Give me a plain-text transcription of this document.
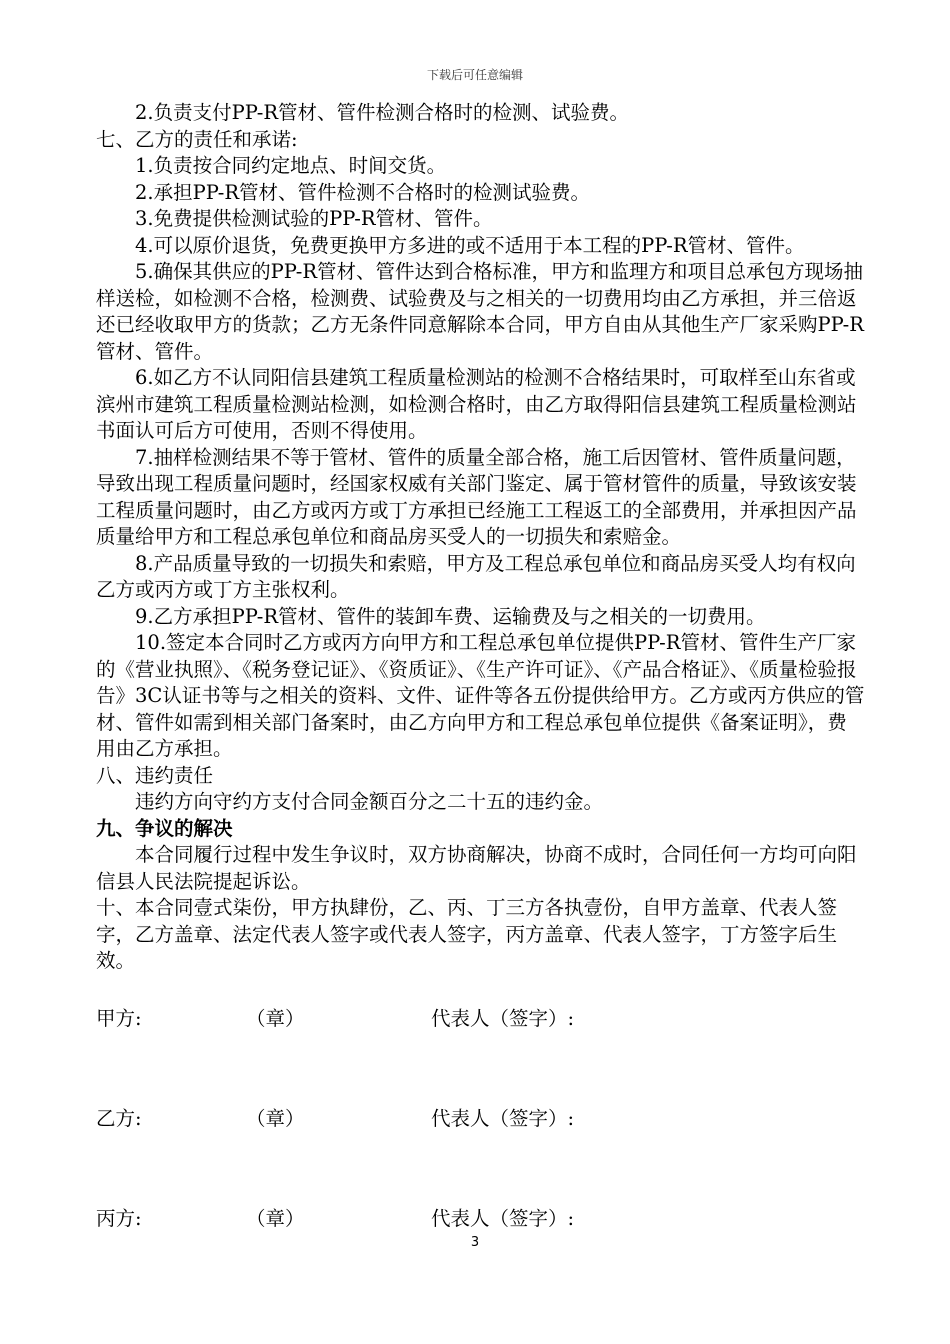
下载后可任意编辑

2.负责支付PP-R管材、管件检测合格时的检测、试验费。

七、乙方的责任和承诺:

1.负责按合同约定地点、时间交货。

2.承担PP-R管材、管件检测不合格时的检测试验费。

3.免费提供检测试验的PP-R管材、管件。

4.可以原价退货，免费更换甲方多进的或不适用于本工程的PP-R管材、管件。

5.确保其供应的PP-R管材、管件达到合格标准，甲方和监理方和项目总承包方现场抽样送检，如检测不合格，检测费、试验费及与之相关的一切费用均由乙方承担，并三倍返还已经收取甲方的货款；乙方无条件同意解除本合同，甲方自由从其他生产厂家采购PP-R管材、管件。

6.如乙方不认同阳信县建筑工程质量检测站的检测不合格结果时，可取样至山东省或滨州市建筑工程质量检测站检测，如检测合格时，由乙方取得阳信县建筑工程质量检测站书面认可后方可使用，否则不得使用。

7.抽样检测结果不等于管材、管件的质量全部合格，施工后因管材、管件质量问题，导致出现工程质量问题时，经国家权威有关部门鉴定、属于管材管件的质量，导致该安装工程质量问题时，由乙方或丙方或丁方承担已经施工工程返工的全部费用，并承担因产品质量给甲方和工程总承包单位和商品房买受人的一切损失和索赔金。

8.产品质量导致的一切损失和索赔，甲方及工程总承包单位和商品房买受人均有权向乙方或丙方或丁方主张权利。

9.乙方承担PP-R管材、管件的装卸车费、运输费及与之相关的一切费用。

10.签定本合同时乙方或丙方向甲方和工程总承包单位提供PP-R管材、管件生产厂家的《营业执照》、《税务登记证》、《资质证》、《生产许可证》、《产品合格证》、《质量检验报告》3C认证书等与之相关的资料、文件、证件等各五份提供给甲方。乙方或丙方供应的管材、管件如需到相关部门备案时，由乙方向甲方和工程总承包单位提供《备案证明》，费用由乙方承担。

八、违约责任

违约方向守约方支付合同金额百分之二十五的违约金。

九、争议的解决

本合同履行过程中发生争议时，双方协商解决，协商不成时，合同任何一方均可向阳信县人民法院提起诉讼。

十、本合同壹式柒份，甲方执肆份，乙、丙、丁三方各执壹份，自甲方盖章、代表人签字，乙方盖章、法定代表人签字或代表人签字，丙方盖章、代表人签字，丁方签字后生效。

甲方:	（章）	代表人（签字）:
乙方:	（章）	代表人（签字）:
丙方:	（章）	代表人（签字）:
3
